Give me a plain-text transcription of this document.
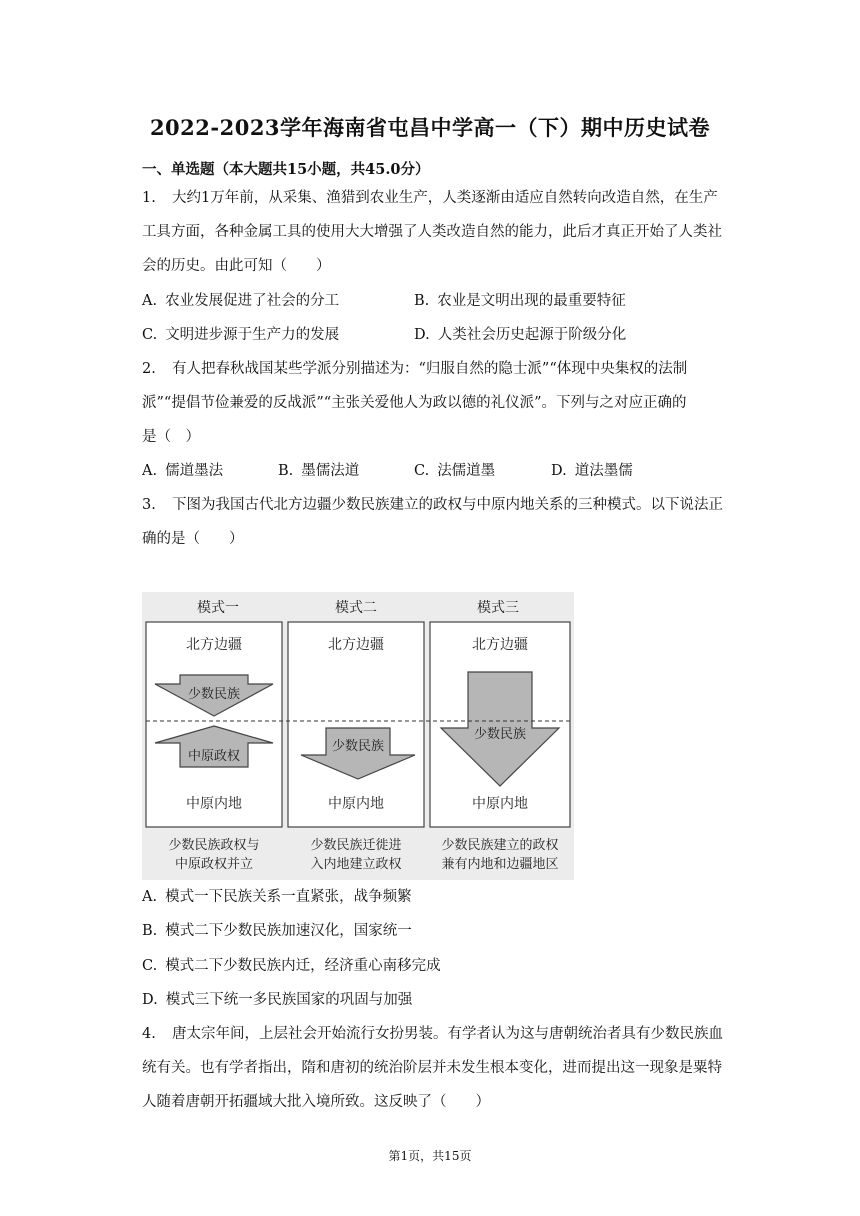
2022-2023学年海南省屯昌中学高一（下）期中历史试卷
一、单选题（本大题共15小题，共45.0分）
1. 大约1万年前，从采集、渔猎到农业生产，人类逐渐由适应自然转向改造自然，在生产
工具方面，各种金属工具的使用大大增强了人类改造自然的能力，此后才真正开始了人类社
会的历史。由此可知（　　）
A. 农业发展促进了社会的分工	B. 农业是文明出现的最重要特征
C. 文明进步源于生产力的发展	D. 人类社会历史起源于阶级分化
2. 有人把春秋战国某些学派分别描述为：“归服自然的隐士派”“体现中央集权的法制
派”“提倡节俭兼爱的反战派”“主张关爱他人为政以德的礼仪派”。下列与之对应正确的
是（　）
A. 儒道墨法	B. 墨儒法道	C. 法儒道墨	D. 道法墨儒
3. 下图为我国古代北方边疆少数民族建立的政权与中原内地关系的三种模式。以下说法正
确的是（　　）
模式一
北方边疆
少数民族
中原政权
中原内地
少数民族政权与
中原政权并立
模式二
北方边疆
少数民族
中原内地
少数民族迁徙进
入内地建立政权
模式三
北方边疆
少数民族
中原内地
少数民族建立的政权
兼有内地和边疆地区
A. 模式一下民族关系一直紧张，战争频繁
B. 模式二下少数民族加速汉化，国家统一
C. 模式二下少数民族内迁，经济重心南移完成
D. 模式三下统一多民族国家的巩固与加强
4. 唐太宗年间，上层社会开始流行女扮男装。有学者认为这与唐朝统治者具有少数民族血
统有关。也有学者指出，隋和唐初的统治阶层并未发生根本变化，进而提出这一现象是粟特
人随着唐朝开拓疆域大批入境所致。这反映了（　　）
第1页，共15页
